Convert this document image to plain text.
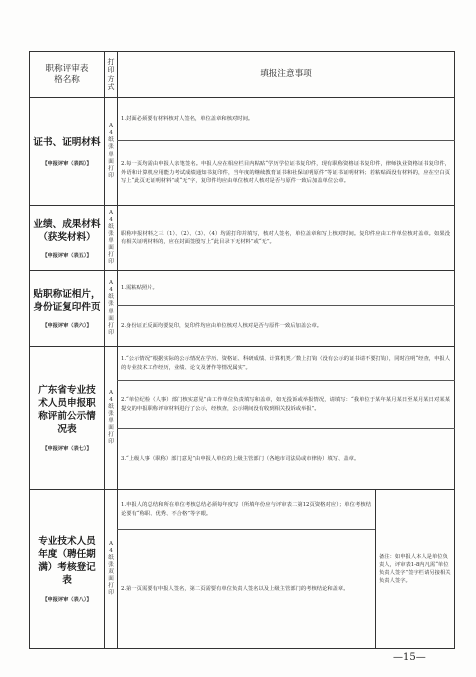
职称评审表格名称
打印方式
填报注意事项
证书、证明材料
【申报评审（表四）】
A4纸张单面打印
1.封面必须要有材料核对人签名，单位盖章和核对时间。
2.每一页均需由申报人亲笔签名。申报人应在相应栏目内粘贴“学历学位证书复印件，现有职称资格证书复印件，律师执业资格证书复印件，外语和计算机应用能力考试成绩通知书复印件，当年度的继续教育证书和社保证明原件”等证书证明材料；若粘贴面没有材料的，应在空白页写上“此页无证明材料”或“无”字，复印件均应由单位核对人核对是否与原件一致后加盖单位公章。
业绩、成果材料（获奖材料）
【申报评审（表五）】
A4纸张单面打印
职称申报材料之三（1）、（2）、（3）、（4）均需打印并填写，核对人签名，单位盖章和写上核对时间。复印件应由工作单位核对盖章。如果没有相关证明材料的，应在封面签殷写上“此目录下无材料”或“无”。
贴职称证相片，身份证复印件页
【申报评审（表六）】
A4纸张单面打印
1.需粘贴照片。
2.身份证正反面均要复印，复印件均应由单位核对人核对是否与原件一致后加盖公章。
广东省专业技术人员申报职称评前公示情况表
【申报评审（表七）】
A4纸张单面打印
1.“公示情况”根据实际的公示情况在学历、资格证、科研成绩、计算机类／数上打钩（没有公示的证书请不要打钩），同时注明“经查，申报人的专业技术工作经历，业绩、论文及著作等情况属实”。
2.“单位纪检（人事）部门核实意见”由工作单位负责填写和盖章，如无投诉或举报情况，请填写：“我单位于某年某月某日至某月某日对某某提交的申报职称评审材料进行了公示，经核查，公示期间没有收到相关投诉或举报”。
3.“上级人事（职称）部门意见”由申报人单位的上级主管部门（各地市司法局或市律协）填写、盖章。
专业技术人员年度（聘任期满）考核登记表
【申报评审（表八）】
A4纸张双面打印
1.申报人的总结和所在单位考核总结必须每年度写（所填年份应与评审表二第12页资格对应）；单位考核结论要有“称职、优秀、不合格”等字眼。
2.第一页需要有申报人签名，第二页需要有单位负责人签名以及上级主管部门的考核结论和盖章。
备注：如申报人本人是单位负责人，评审表1-8内凡需“单位负责人签字”签字栏请另接相关负责人签字。
—15—
